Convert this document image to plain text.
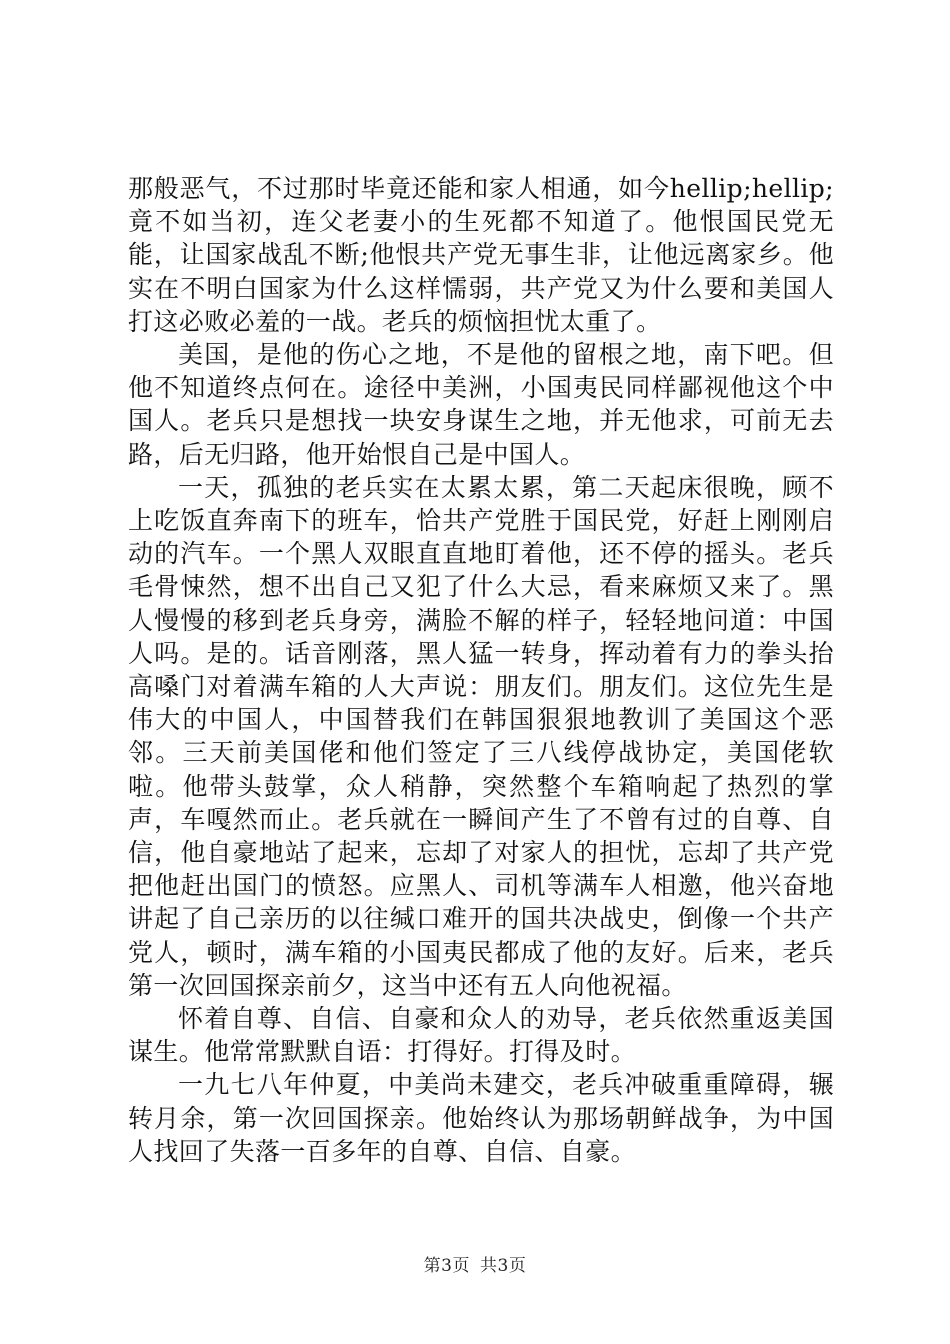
那般恶气，不过那时毕竟还能和家人相通，如今hellip;hellip;竟不如当初，连父老妻小的生死都不知道了。他恨国民党无能，让国家战乱不断;他恨共产党无事生非，让他远离家乡。他实在不明白国家为什么这样懦弱，共产党又为什么要和美国人打这必败必羞的一战。老兵的烦恼担忧太重了。

美国，是他的伤心之地，不是他的留根之地，南下吧。但他不知道终点何在。途径中美洲，小国夷民同样鄙视他这个中国人。老兵只是想找一块安身谋生之地，并无他求，可前无去路，后无归路，他开始恨自己是中国人。

一天，孤独的老兵实在太累太累，第二天起床很晚，顾不上吃饭直奔南下的班车，恰共产党胜于国民党，好赶上刚刚启动的汽车。一个黑人双眼直直地盯着他，还不停的摇头。老兵毛骨悚然，想不出自己又犯了什么大忌，看来麻烦又来了。黑人慢慢的移到老兵身旁，满脸不解的样子，轻轻地问道：中国人吗。是的。话音刚落，黑人猛一转身，挥动着有力的拳头抬高嗓门对着满车箱的人大声说：朋友们。朋友们。这位先生是伟大的中国人，中国替我们在韩国狠狠地教训了美国这个恶邻。三天前美国佬和他们签定了三八线停战协定，美国佬软啦。他带头鼓掌，众人稍静，突然整个车箱响起了热烈的掌声，车嘎然而止。老兵就在一瞬间产生了不曾有过的自尊、自信，他自豪地站了起来，忘却了对家人的担忧，忘却了共产党把他赶出国门的愤怒。应黑人、司机等满车人相邀，他兴奋地讲起了自己亲历的以往缄口难开的国共决战史，倒像一个共产党人，顿时，满车箱的小国夷民都成了他的友好。后来，老兵第一次回国探亲前夕，这当中还有五人向他祝福。

怀着自尊、自信、自豪和众人的劝导，老兵依然重返美国谋生。他常常默默自语：打得好。打得及时。

一九七八年仲夏，中美尚未建交，老兵冲破重重障碍，辗转月余，第一次回国探亲。他始终认为那场朝鲜战争，为中国人找回了失落一百多年的自尊、自信、自豪。

第3页 共3页
